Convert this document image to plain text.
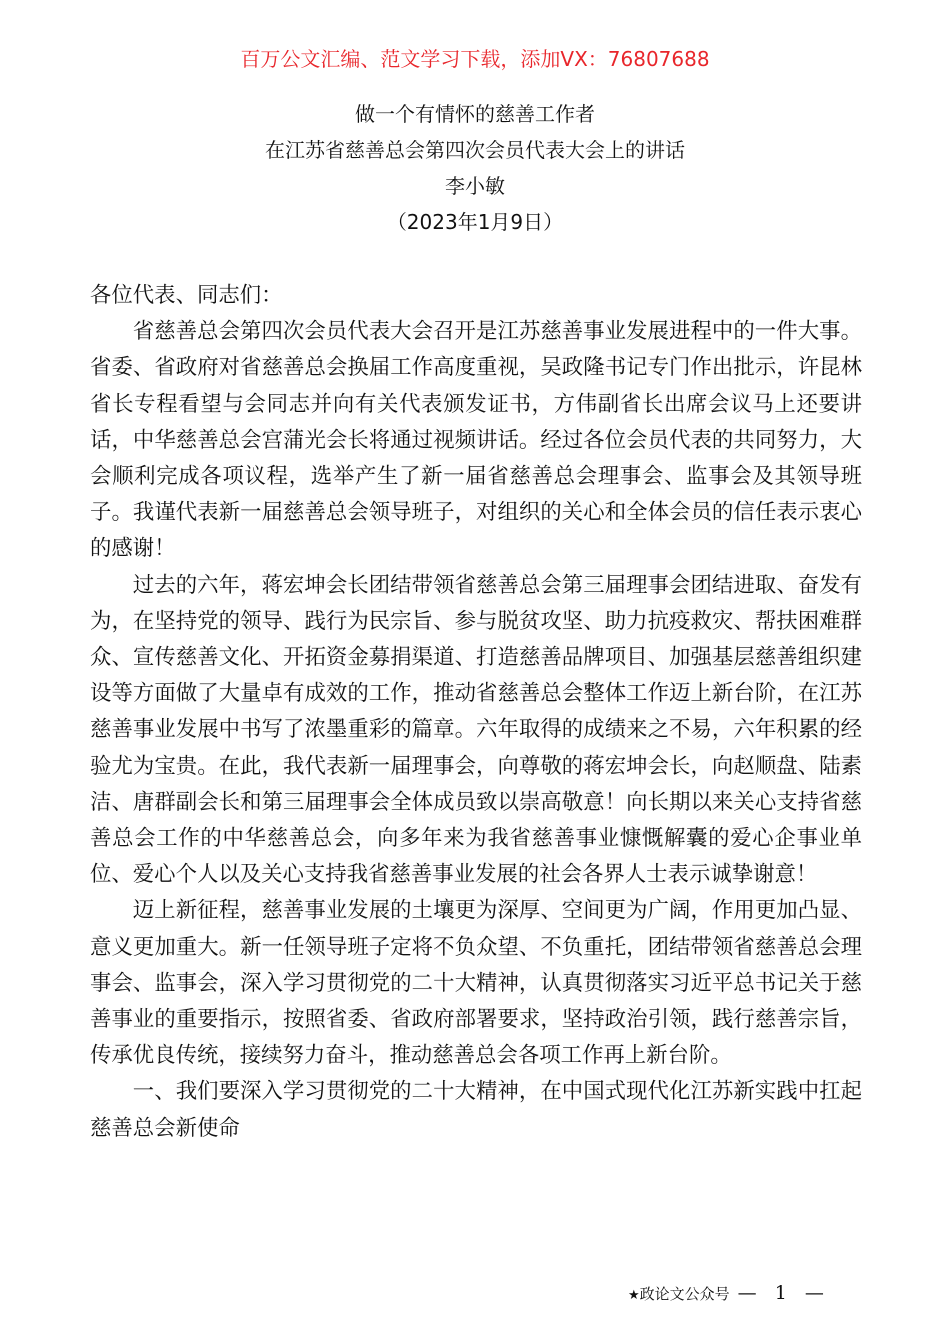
百万公文汇编、范文学习下载，添加VX：76807688
做一个有情怀的慈善工作者
在江苏省慈善总会第四次会员代表大会上的讲话
李小敏
（2023年1月9日）

各位代表、同志们：

省慈善总会第四次会员代表大会召开是江苏慈善事业发展进程中的一件大事。省委、省政府对省慈善总会换届工作高度重视，吴政隆书记专门作出批示，许昆林省长专程看望与会同志并向有关代表颁发证书，方伟副省长出席会议马上还要讲话，中华慈善总会宫蒲光会长将通过视频讲话。经过各位会员代表的共同努力，大会顺利完成各项议程，选举产生了新一届省慈善总会理事会、监事会及其领导班子。我谨代表新一届慈善总会领导班子，对组织的关心和全体会员的信任表示衷心的感谢！

过去的六年，蒋宏坤会长团结带领省慈善总会第三届理事会团结进取、奋发有为，在坚持党的领导、践行为民宗旨、参与脱贫攻坚、助力抗疫救灾、帮扶困难群众、宣传慈善文化、开拓资金募捐渠道、打造慈善品牌项目、加强基层慈善组织建设等方面做了大量卓有成效的工作，推动省慈善总会整体工作迈上新台阶，在江苏慈善事业发展中书写了浓墨重彩的篇章。六年取得的成绩来之不易，六年积累的经验尤为宝贵。在此，我代表新一届理事会，向尊敬的蒋宏坤会长，向赵顺盘、陆素洁、唐群副会长和第三届理事会全体成员致以崇高敬意！向长期以来关心支持省慈善总会工作的中华慈善总会，向多年来为我省慈善事业慷慨解囊的爱心企事业单位、爱心个人以及关心支持我省慈善事业发展的社会各界人士表示诚挚谢意！

迈上新征程，慈善事业发展的土壤更为深厚、空间更为广阔，作用更加凸显、意义更加重大。新一任领导班子定将不负众望、不负重托，团结带领省慈善总会理事会、监事会，深入学习贯彻党的二十大精神，认真贯彻落实习近平总书记关于慈善事业的重要指示，按照省委、省政府部署要求，坚持政治引领，践行慈善宗旨，传承优良传统，接续努力奋斗，推动慈善总会各项工作再上新台阶。

一、我们要深入学习贯彻党的二十大精神，在中国式现代化江苏新实践中扛起慈善总会新使命

★政论文公众号 — 1 —
